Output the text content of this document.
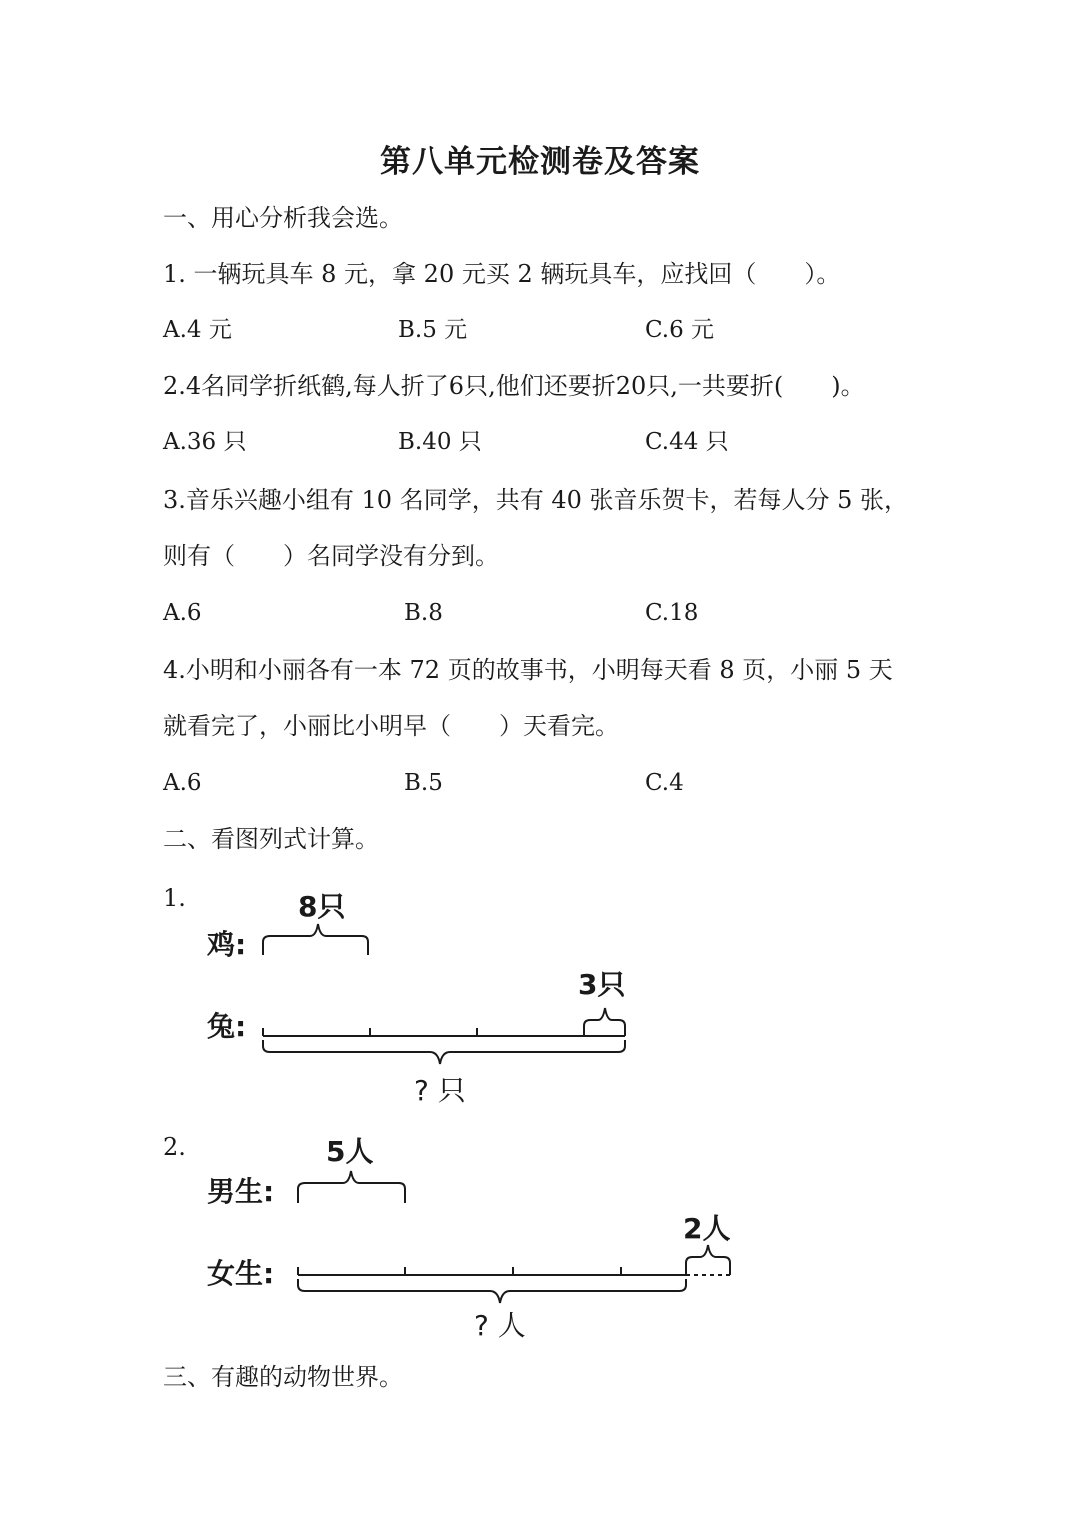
第八单元检测卷及答案
一、用心分析我会选。
1. 一辆玩具车 8 元，拿 20 元买 2 辆玩具车，应找回（　　）。
A.4 元	B.5 元	C.6 元
2.4名同学折纸鹤,每人折了6只,他们还要折20只,一共要折(　　)。
A.36 只	B.40 只	C.44 只
3.音乐兴趣小组有 10 名同学，共有 40 张音乐贺卡，若每人分 5 张，
则有（　　）名同学没有分到。
A.6	B.8	C.18
4.小明和小丽各有一本 72 页的故事书，小明每天看 8 页，小丽 5 天
就看完了，小丽比小明早（　　）天看完。
A.6	B.5	C.4
二、看图列式计算。
1.
鸡:
8只
兔:
3只
? 只
2.
男生:
5人
女生:
2人
? 人
三、有趣的动物世界。
